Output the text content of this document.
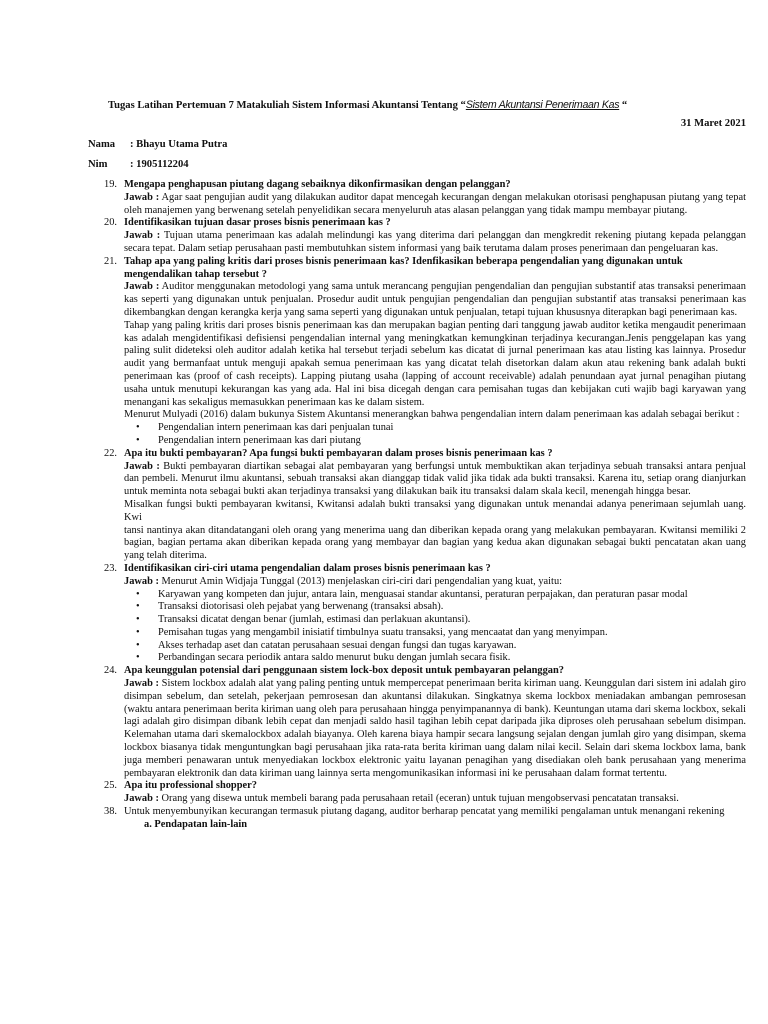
Tugas Latihan Pertemuan 7 Matakuliah Sistem Informasi Akuntansi Tentang “Sistem Akuntansi Penerimaan Kas “
31 Maret 2021
Nama : Bhayu Utama Putra
Nim : 1905112204
19. Mengapa penghapusan piutang dagang sebaiknya dikonfirmasikan dengan pelanggan?
Jawab : Agar saat pengujian audit yang dilakukan auditor dapat mencegah kecurangan dengan melakukan otorisasi penghapusan piutang yang tepat oleh manajemen yang berwenang setelah penyelidikan secara menyeluruh atas alasan pelanggan yang tidak mampu membayar piutang.
20. Identifikasikan tujuan dasar proses bisnis penerimaan kas ?
Jawab : Tujuan utama penerimaan kas adalah melindungi kas yang diterima dari pelanggan dan mengkredit rekening piutang kepada pelanggan secara tepat. Dalam setiap perusahaan pasti membutuhkan sistem informasi yang baik terutama dalam proses penerimaan dan pengeluaran kas.
21. Tahap apa yang paling kritis dari proses bisnis penerimaan kas? Idenfikasikan beberapa pengendalian yang digunakan untuk mengendalikan tahap tersebut ?
Jawab : Auditor menggunakan metodologi yang sama untuk merancang pengujian pengendalian dan pengujian substantif atas transaksi penerimaan kas seperti yang digunakan untuk penjualan. Prosedur audit untuk pengujian pengendalian dan pengujian substantif atas transaksi penerimaan kas dikembangkan dengan kerangka kerja yang sama seperti yang digunakan untuk penjualan, tetapi tujuan khususnya diterapkan bagi penerimaan kas.
Tahap yang paling kritis dari proses bisnis penerimaan kas dan merupakan bagian penting dari tanggung jawab auditor ketika mengaudit penerimaan kas adalah mengidentifikasi defisiensi pengendalian internal yang meningkatkan kemungkinan terjadinya kecurangan.Jenis penggelapan kas yang paling sulit dideteksi oleh auditor adalah ketika hal tersebut terjadi sebelum kas dicatat di jurnal penerimaan kas atau listing kas lainnya. Prosedur audit yang bermanfaat untuk menguji apakah semua penerimaan kas yang dicatat telah disetorkan dalam akun atau rekening bank adalah bukti penerimaan kas (proof of cash receipts). Lapping piutang usaha (lapping of account receivable) adalah penundaan ayat jurnal penagihan piutang usaha untuk menutupi kekurangan kas yang ada. Hal ini bisa dicegah dengan cara pemisahan tugas dan kebijakan cuti wajib bagi karyawan yang menangani kas sekaligus memasukkan penerimaan kas ke dalam sistem.
Menurut Mulyadi (2016) dalam bukunya Sistem Akuntansi menerangkan bahwa pengendalian intern dalam penerimaan kas adalah sebagai berikut :
• Pengendalian intern penerimaan kas dari penjualan tunai
• Pengendalian intern penerimaan kas dari piutang
22. Apa itu bukti pembayaran? Apa fungsi bukti pembayaran dalam proses bisnis penerimaan kas ?
Jawab : Bukti pembayaran diartikan sebagai alat pembayaran yang berfungsi untuk membuktikan akan terjadinya sebuah transaksi antara penjual dan pembeli. Menurut ilmu akuntansi, sebuah transaksi akan dianggap tidak valid jika tidak ada bukti transaksi. Karena itu, setiap orang dianjurkan untuk meminta nota sebagai bukti akan terjadinya transaksi yang dilakukan baik itu transaksi dalam skala kecil, menengah hingga besar.
Misalkan fungsi bukti pembayaran kwitansi, Kwitansi adalah bukti transaksi yang digunakan untuk menandai adanya penerimaan sejumlah uang. Kwi
tansi nantinya akan ditandatangani oleh orang yang menerima uang dan diberikan kepada orang yang melakukan pembayaran. Kwitansi memiliki 2 bagian, bagian pertama akan diberikan kepada orang yang membayar dan bagian yang kedua akan digunakan sebagai bukti pencatatan akan uang yang telah diterima.
23. Identifikasikan ciri-ciri utama pengendalian dalam proses bisnis penerimaan kas ?
Jawab : Menurut Amin Widjaja Tunggal (2013) menjelaskan ciri-ciri dari pengendalian yang kuat, yaitu:
• Karyawan yang kompeten dan jujur, antara lain, menguasai standar akuntansi, peraturan perpajakan, dan peraturan pasar modal
• Transaksi diotorisasi oleh pejabat yang berwenang (transaksi absah).
• Transaksi dicatat dengan benar (jumlah, estimasi dan perlakuan akuntansi).
• Pemisahan tugas yang mengambil inisiatif timbulnya suatu transaksi, yang mencaatat dan yang menyimpan.
• Akses terhadap aset dan catatan perusahaan sesuai dengan fungsi dan tugas karyawan.
• Perbandingan secara periodik antara saldo menurut buku dengan jumlah secara fisik.
24. Apa keunggulan potensial dari penggunaan sistem lock-box deposit untuk pembayaran pelanggan?
Jawab : Sistem lockbox adalah alat yang paling penting untuk mempercepat penerimaan berita kiriman uang. Keunggulan dari sistem ini adalah giro disimpan sebelum, dan setelah, pekerjaan pemrosesan dan akuntansi dilakukan. Singkatnya skema lockbox meniadakan ambangan pemrosesan (waktu antara penerimaan berita kiriman uang oleh para perusahaan hingga penyimpanannya di bank). Keuntungan utama dari skema lockbox, sekali lagi adalah giro disimpan dibank lebih cepat dan menjadi saldo hasil tagihan lebih cepat daripada jika diproses oleh perusahaan sebelum disimpan. Kelemahan utama dari skemalockbox adalah biayanya. Oleh karena biaya hampir secara langsung sejalan dengan jumlah giro yang disimpan, skema lockbox biasanya tidak menguntungkan bagi perusahaan jika rata-rata berita kiriman uang dalam nilai kecil. Selain dari skema lockbox lama, bank juga memberi penawaran untuk menyediakan lockbox elektronic yaitu layanan penagihan yang disediakan oleh bank perusahaan yang menerima pembayaran elektronik dan data kiriman uang lainnya serta mengomunikasikan informasi ini ke perusahaan dalam format tertentu.
25. Apa itu professional shopper?
Jawab : Orang yang disewa untuk membeli barang pada perusahaan retail (eceran) untuk tujuan mengobservasi pencatatan transaksi.
38. Untuk menyembunyikan kecurangan termasuk piutang dagang, auditor berharap pencatat yang memiliki pengalaman untuk menangani rekening
a. Pendapatan lain-lain
